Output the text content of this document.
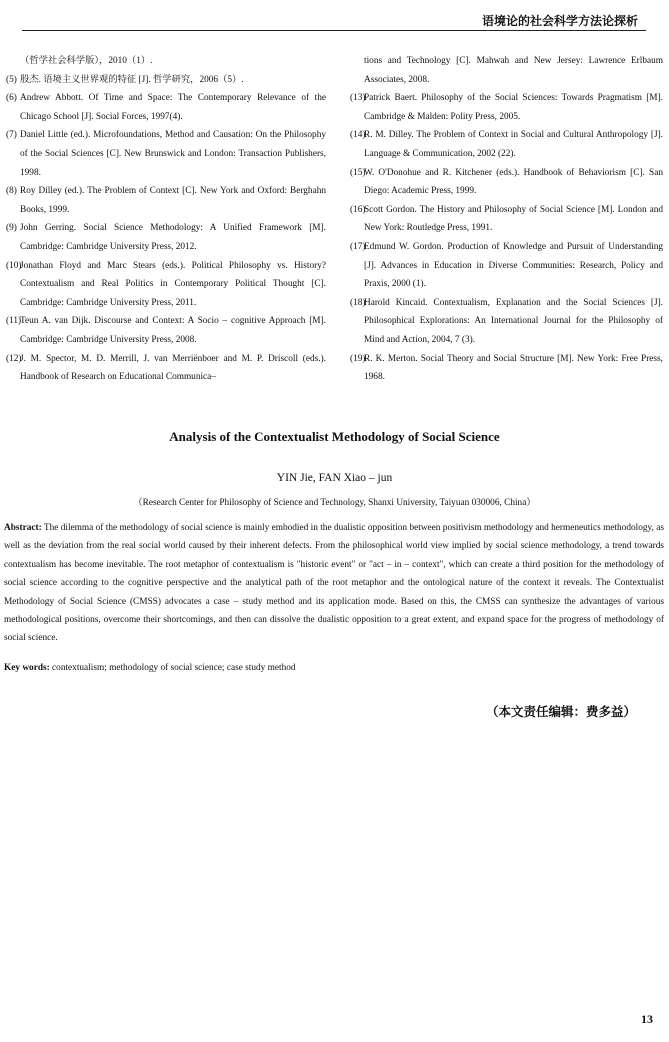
语境论的社会科学方法论探析
（哲学社会科学版），2010（1）.
(5) 殷杰. 语境主义世界观的特征 [J]. 哲学研究，2006（5）.
(6) Andrew Abbott. Of Time and Space: The Contemporary Relevance of the Chicago School [J]. Social Forces, 1997(4).
(7) Daniel Little (ed.). Microfoundations, Method and Causation: On the Philosophy of the Social Sciences [C]. New Brunswick and London: Transaction Publishers, 1998.
(8) Roy Dilley (ed.). The Problem of Context [C]. New York and Oxford: Berghahn Books, 1999.
(9) John Gerring. Social Science Methodology: A Unified Framework [M]. Cambridge: Cambridge University Press, 2012.
(10)
Jonathan Floyd and Marc Stears (eds.). Political Philosophy vs. History? Contextualism and Real Politics in Contemporary Political Thought [C]. Cambridge: Cambridge University Press, 2011.
(11)
Teun A. van Dijk. Discourse and Context: A Socio – cognitive Approach [M]. Cambridge: Cambridge University Press, 2008.
(12)
J. M. Spector, M. D. Merrill, J. van Merriënboer and M. P. Driscoll (eds.). Handbook of Research on Educational Communica–
tions and Technology [C]. Mahwah and New Jersey: Lawrence Erlbaum Associates, 2008.
(13)
Patrick Baert. Philosophy of the Social Sciences: Towards Pragmatism [M]. Cambridge & Malden: Polity Press, 2005.
(14)
R. M. Dilley. The Problem of Context in Social and Cultural Anthropology [J]. Language & Communication, 2002 (22).
(15)
W. O'Donohue and R. Kitchener (eds.). Handbook of Behaviorism [C]. San Diego: Academic Press, 1999.
(16)
Scott Gordon. The History and Philosophy of Social Science [M]. London and New York: Routledge Press, 1991.
(17)
Edmund W. Gordon. Production of Knowledge and Pursuit of Understanding [J]. Advances in Education in Diverse Communities: Research, Policy and Praxis, 2000 (1).
(18)
Harold Kincaid. Contextualism, Explanation and the Social Sciences [J]. Philosophical Explorations: An International Journal for the Philosophy of Mind and Action, 2004, 7 (3).
(19)
R. K. Merton. Social Theory and Social Structure [M]. New York: Free Press, 1968.
Analysis of the Contextualist Methodology of Social Science
YIN Jie, FAN Xiao – jun
（Research Center for Philosophy of Science and Technology, Shanxi University, Taiyuan 030006, China）
Abstract: The dilemma of the methodology of social science is mainly embodied in the dualistic opposition between positivism methodology and hermeneutics methodology, as well as the deviation from the real social world caused by their inherent defects. From the philosophical world view implied by social science methodology, a trend towards contextualism has become inevitable. The root metaphor of contextualism is "historic event" or "act – in – context", which can create a third position for the methodology of social science according to the cognitive perspective and the analytical path of the root metaphor and the ontological nature of the context it reveals. The Contextualist Methodology of Social Science (CMSS) advocates a case – study method and its application mode. Based on this, the CMSS can synthesize the advantages of various methodological positions, overcome their shortcomings, and then can dissolve the dualistic opposition to a great extent, and expand space for the progress of methodology of social science.
Key words: contextualism; methodology of social science; case study method
（本文责任编辑：费多益）
13
